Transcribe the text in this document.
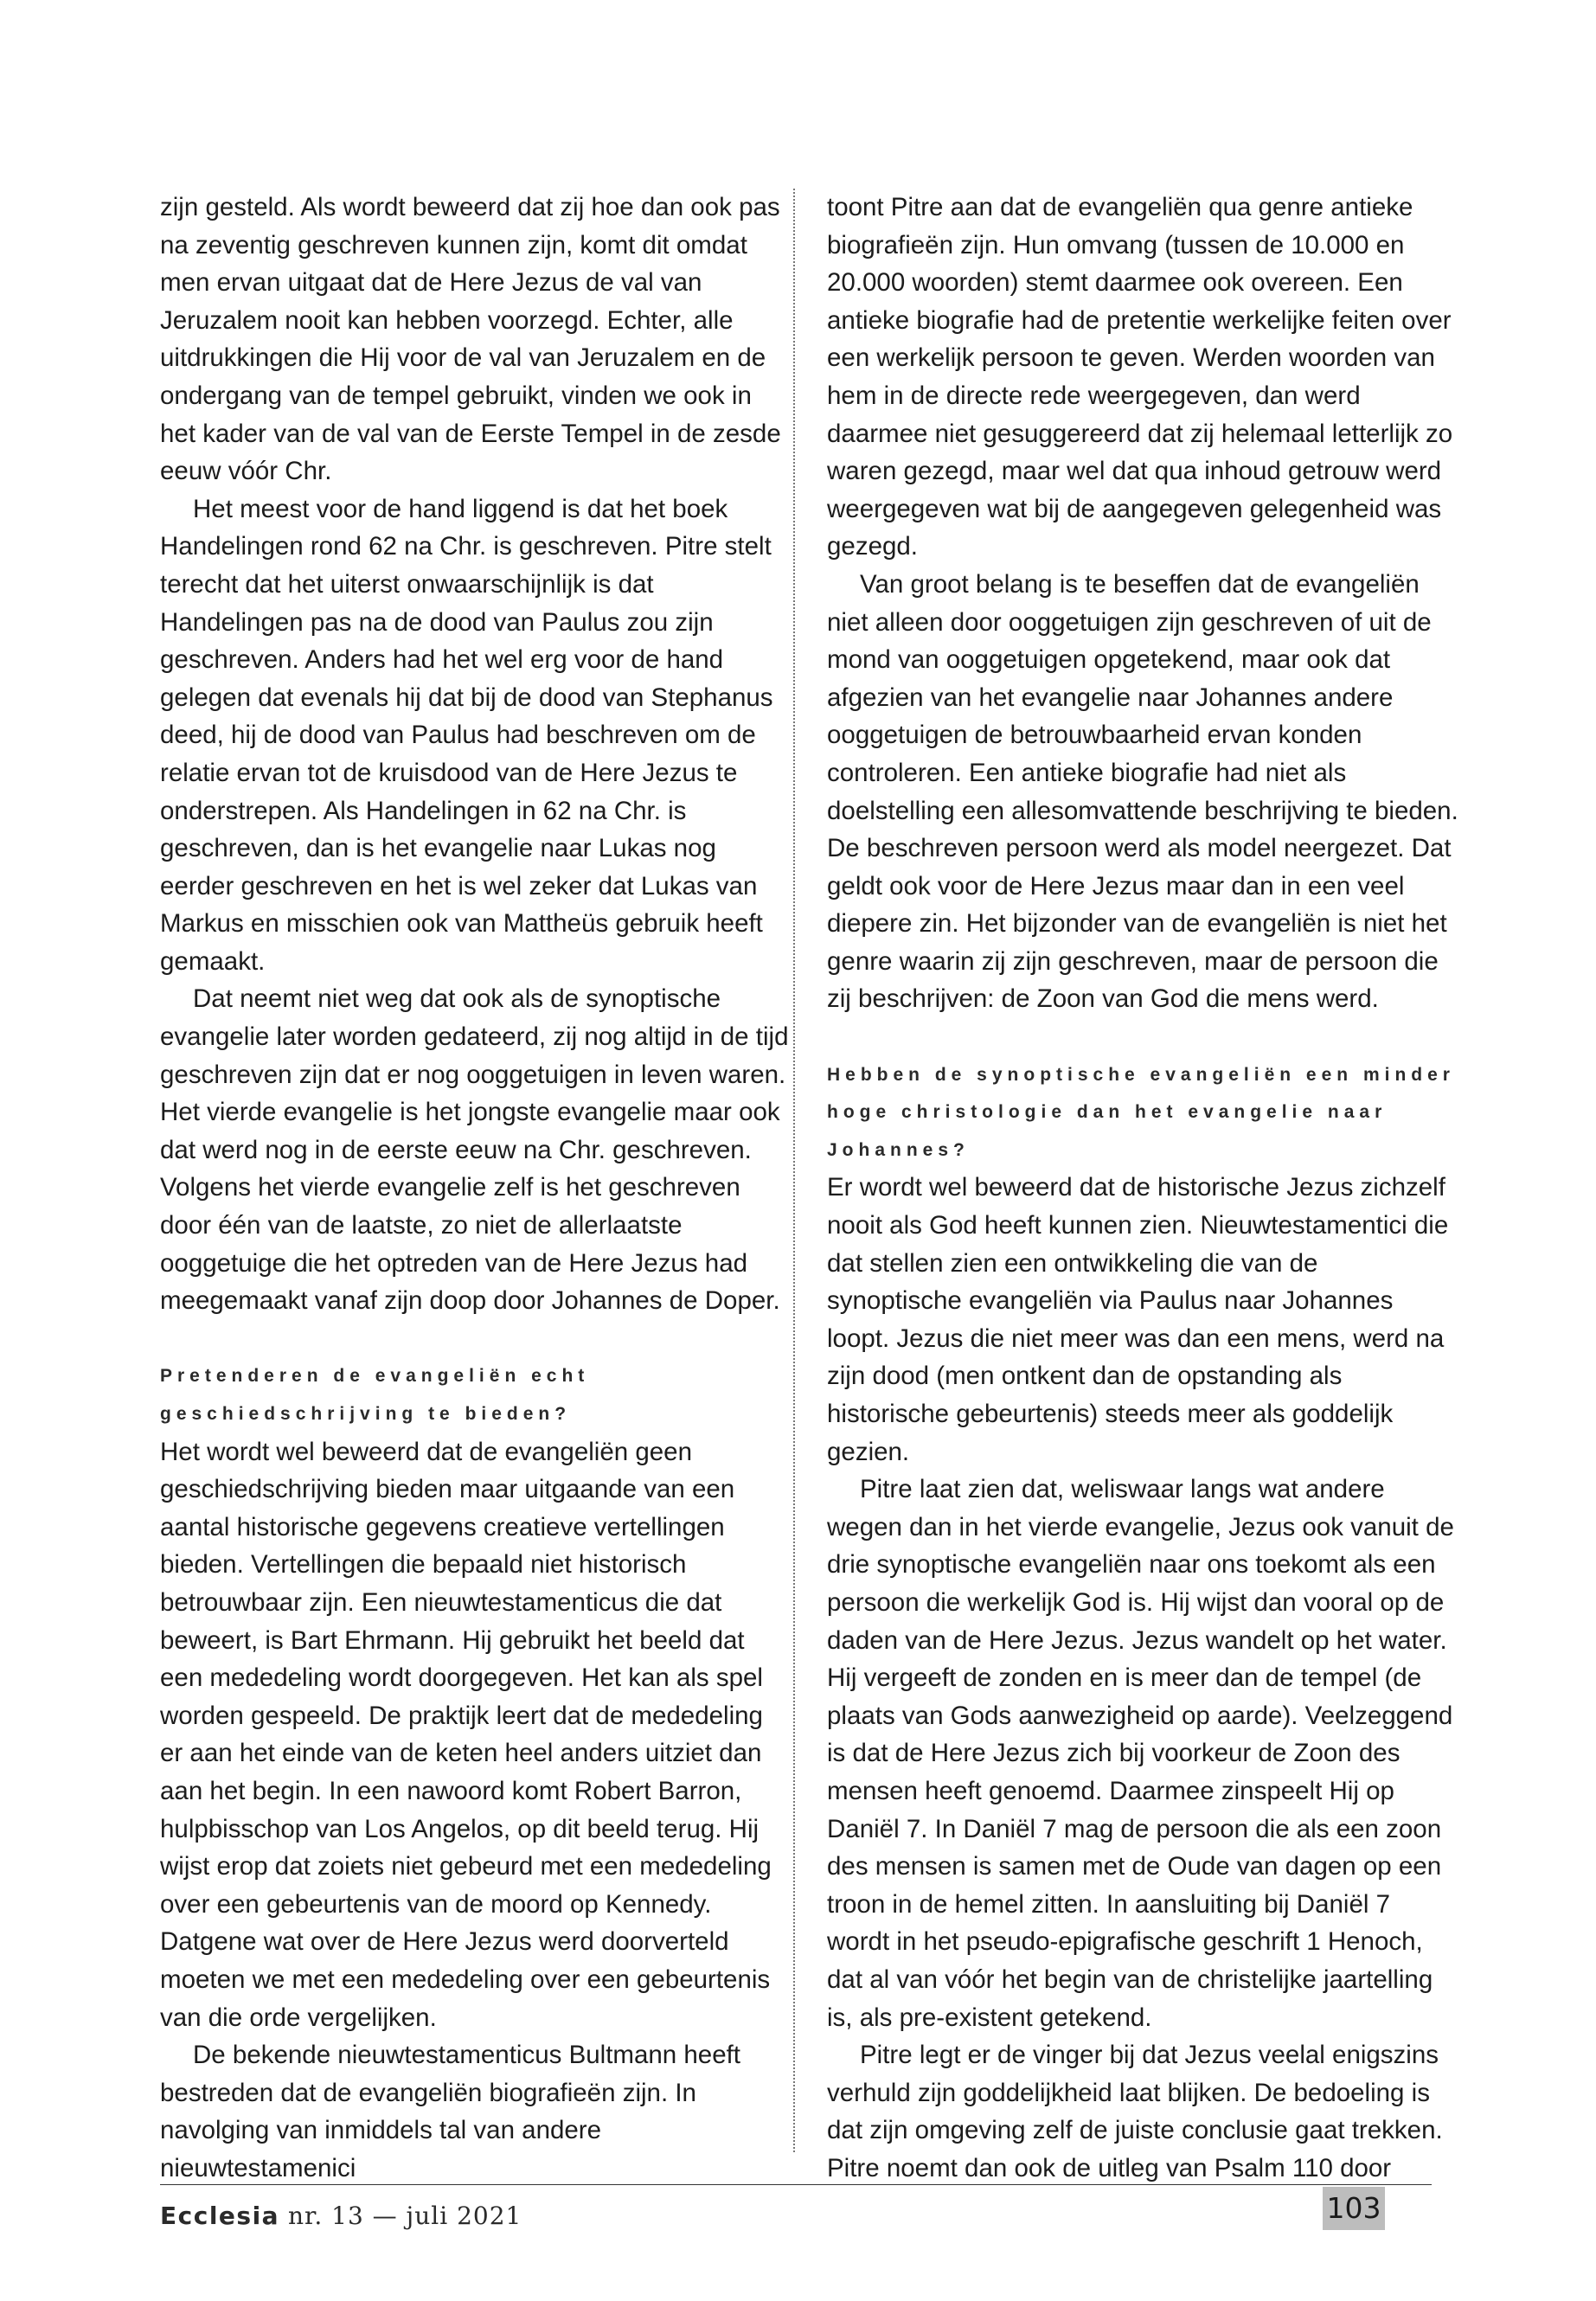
zijn gesteld. Als wordt beweerd dat zij hoe dan ook pas na zeventig geschreven kunnen zijn, komt dit omdat men ervan uitgaat dat de Here Jezus de val van Jeruzalem nooit kan hebben voorzegd. Echter, alle uitdrukkingen die Hij voor de val van Jeruzalem en de ondergang van de tempel gebruikt, vinden we ook in het kader van de val van de Eerste Tempel in de zesde eeuw vóór Chr.

Het meest voor de hand liggend is dat het boek Handelingen rond 62 na Chr. is geschreven. Pitre stelt terecht dat het uiterst onwaarschijnlijk is dat Handelingen pas na de dood van Paulus zou zijn geschreven. Anders had het wel erg voor de hand gelegen dat evenals hij dat bij de dood van Stephanus deed, hij de dood van Paulus had beschreven om de relatie ervan tot de kruisdood van de Here Jezus te onderstrepen. Als Handelingen in 62 na Chr. is geschreven, dan is het evangelie naar Lukas nog eerder geschreven en het is wel zeker dat Lukas van Markus en misschien ook van Mattheüs gebruik heeft gemaakt.

Dat neemt niet weg dat ook als de synoptische evangelie later worden gedateerd, zij nog altijd in de tijd geschreven zijn dat er nog ooggetuigen in leven waren. Het vierde evangelie is het jongste evangelie maar ook dat werd nog in de eerste eeuw na Chr. geschreven. Volgens het vierde evangelie zelf is het geschreven door één van de laatste, zo niet de allerlaatste ooggetuige die het optreden van de Here Jezus had meegemaakt vanaf zijn doop door Johannes de Doper.

Pretenderen de evangeliën echt geschiedschrijving te bieden?

Het wordt wel beweerd dat de evangeliën geen geschiedschrijving bieden maar uitgaande van een aantal historische gegevens creatieve vertellingen bieden. Vertellingen die bepaald niet historisch betrouwbaar zijn. Een nieuwtestamenticus die dat beweert, is Bart Ehrmann. Hij gebruikt het beeld dat een mededeling wordt doorgegeven. Het kan als spel worden gespeeld. De praktijk leert dat de mededeling er aan het einde van de keten heel anders uitziet dan aan het begin. In een nawoord komt Robert Barron, hulpbisschop van Los Angelos, op dit beeld terug. Hij wijst erop dat zoiets niet gebeurd met een mededeling over een gebeurtenis van de moord op Kennedy. Datgene wat over de Here Jezus werd doorverteld moeten we met een mededeling over een gebeurtenis van die orde vergelijken.

De bekende nieuwtestamenticus Bultmann heeft bestreden dat de evangeliën biografieën zijn. In navolging van inmiddels tal van andere nieuwtestamenici

toont Pitre aan dat de evangeliën qua genre antieke biografieën zijn. Hun omvang (tussen de 10.000 en 20.000 woorden) stemt daarmee ook overeen. Een antieke biografie had de pretentie werkelijke feiten over een werkelijk persoon te geven. Werden woorden van hem in de directe rede weergegeven, dan werd daarmee niet gesuggereerd dat zij helemaal letterlijk zo waren gezegd, maar wel dat qua inhoud getrouw werd weergegeven wat bij de aangegeven gelegenheid was gezegd.

Van groot belang is te beseffen dat de evangeliën niet alleen door ooggetuigen zijn geschreven of uit de mond van ooggetuigen opgetekend, maar ook dat afgezien van het evangelie naar Johannes andere ooggetuigen de betrouwbaarheid ervan konden controleren. Een antieke biografie had niet als doelstelling een allesomvattende beschrijving te bieden. De beschreven persoon werd als model neergezet. Dat geldt ook voor de Here Jezus maar dan in een veel diepere zin. Het bijzonder van de evangeliën is niet het genre waarin zij zijn geschreven, maar de persoon die zij beschrijven: de Zoon van God die mens werd.

Hebben de synoptische evangeliën een minder hoge christologie dan het evangelie naar Johannes?

Er wordt wel beweerd dat de historische Jezus zichzelf nooit als God heeft kunnen zien. Nieuwtestamentici die dat stellen zien een ontwikkeling die van de synoptische evangeliën via Paulus naar Johannes loopt. Jezus die niet meer was dan een mens, werd na zijn dood (men ontkent dan de opstanding als historische gebeurtenis) steeds meer als goddelijk gezien.

Pitre laat zien dat, weliswaar langs wat andere wegen dan in het vierde evangelie, Jezus ook vanuit de drie synoptische evangeliën naar ons toekomt als een persoon die werkelijk God is. Hij wijst dan vooral op de daden van de Here Jezus. Jezus wandelt op het water. Hij vergeeft de zonden en is meer dan de tempel (de plaats van Gods aanwezigheid op aarde). Veelzeggend is dat de Here Jezus zich bij voorkeur de Zoon des mensen heeft genoemd. Daarmee zinspeelt Hij op Daniël 7. In Daniël 7 mag de persoon die als een zoon des mensen is samen met de Oude van dagen op een troon in de hemel zitten. In aansluiting bij Daniël 7 wordt in het pseudo-epigrafische geschrift 1 Henoch, dat al van vóór het begin van de christelijke jaartelling is, als pre-existent getekend.

Pitre legt er de vinger bij dat Jezus veelal enigszins verhuld zijn goddelijkheid laat blijken. De bedoeling is dat zijn omgeving zelf de juiste conclusie gaat trekken. Pitre noemt dan ook de uitleg van Psalm 110 door

Ecclesia nr. 13 — juli 2021	103
